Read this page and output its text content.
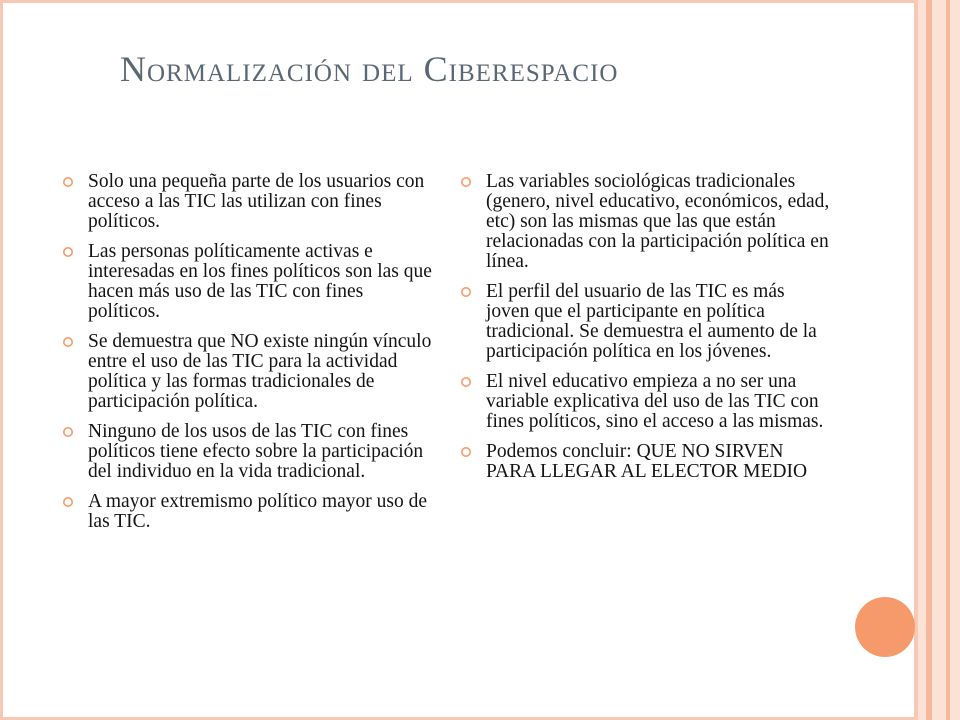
Normalización del Ciberespacio
Solo una pequeña parte de los usuarios con acceso a las TIC las utilizan con fines políticos.
Las personas políticamente activas e interesadas en los fines políticos son las que hacen más uso de las TIC con fines políticos.
Se demuestra que NO existe ningún vínculo entre el uso de las TIC para la actividad política y las formas tradicionales de participación política.
Ninguno de los usos de las TIC con fines políticos tiene efecto sobre la participación del individuo en la vida tradicional.
A mayor extremismo político mayor uso de las TIC.
Las variables sociológicas tradicionales (genero, nivel educativo, económicos, edad, etc) son las mismas que las que están relacionadas con la participación política en línea.
El perfil del usuario de las TIC es más joven que el participante en política tradicional. Se demuestra el aumento de la participación política en los jóvenes.
El nivel educativo empieza a no ser una variable explicativa del uso de las TIC con fines políticos, sino el acceso a las mismas.
Podemos concluir: QUE NO SIRVEN PARA LLEGAR AL ELECTOR MEDIO
